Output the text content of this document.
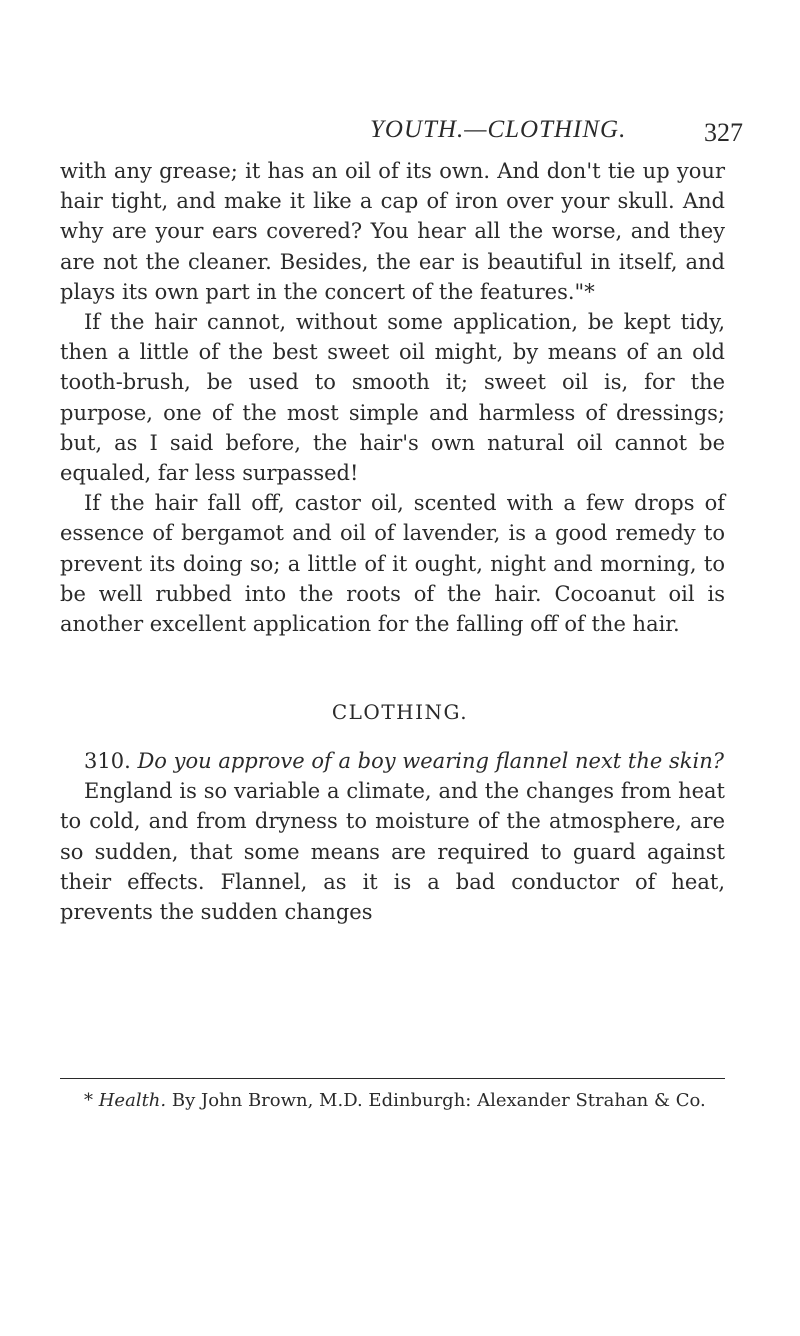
YOUTH.—CLOTHING.	327

with any grease; it has an oil of its own. And don't tie up your hair tight, and make it like a cap of iron over your skull. And why are your ears covered? You hear all the worse, and they are not the cleaner. Besides, the ear is beautiful in itself, and plays its own part in the concert of the features."*

If the hair cannot, without some application, be kept tidy, then a little of the best sweet oil might, by means of an old tooth-brush, be used to smooth it; sweet oil is, for the purpose, one of the most simple and harmless of dressings; but, as I said before, the hair's own natural oil cannot be equaled, far less surpassed!

If the hair fall off, castor oil, scented with a few drops of essence of bergamot and oil of lavender, is a good remedy to prevent its doing so; a little of it ought, night and morning, to be well rubbed into the roots of the hair. Cocoanut oil is another excellent application for the falling off of the hair.

CLOTHING.

310. Do you approve of a boy wearing flannel next the skin?

England is so variable a climate, and the changes from heat to cold, and from dryness to moisture of the atmosphere, are so sudden, that some means are required to guard against their effects. Flannel, as it is a bad conductor of heat, prevents the sudden changes

* Health. By John Brown, M.D. Edinburgh: Alexander Strahan & Co.
